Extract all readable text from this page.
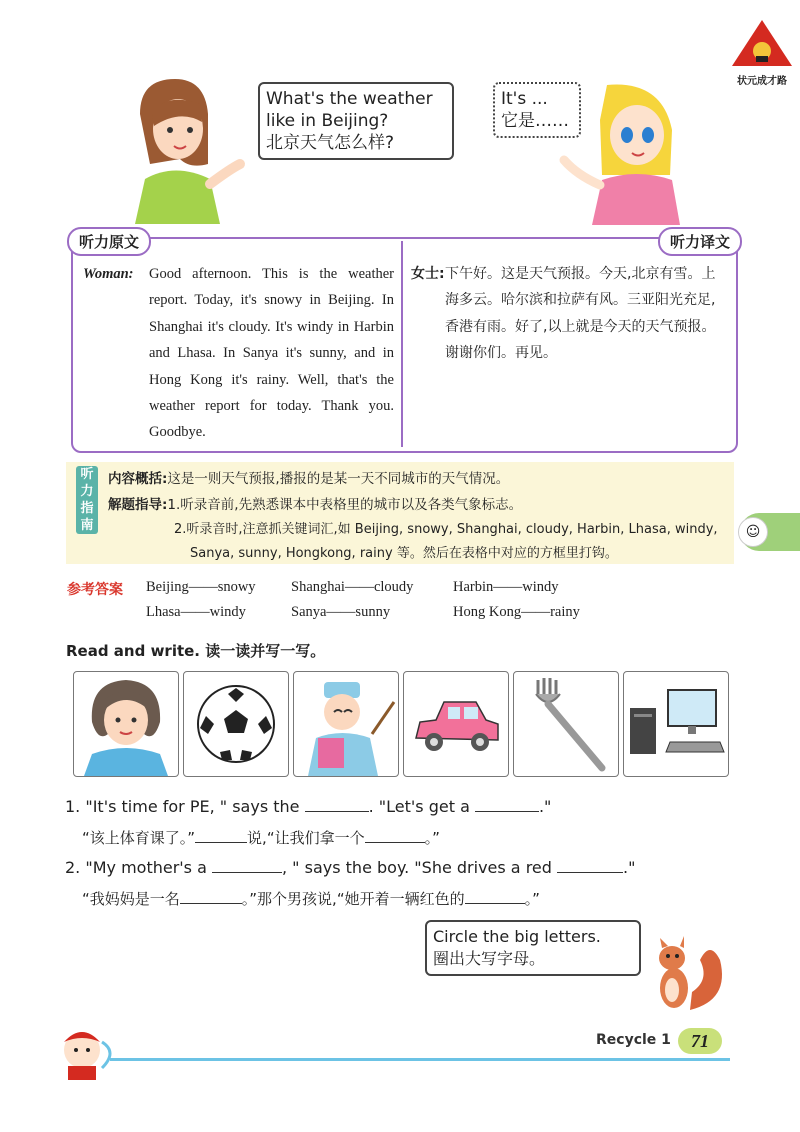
状元成才路
What's the weather like in Beijing?
北京天气怎么样?
It's ...
它是……
听力原文	听力译文
Woman: Good afternoon. This is the weather report. Today, it's snowy in Beijing. In Shanghai it's cloudy. It's windy in Harbin and Lhasa. In Sanya it's sunny, and in Hong Kong it's rainy. Well, that's the weather report for today. Thank you. Goodbye.
女士: 下午好。这是天气预报。今天,北京有雪。上海多云。哈尔滨和拉萨有风。三亚阳光充足,香港有雨。好了,以上就是今天的天气预报。谢谢你们。再见。
听力指南
内容概括:这是一则天气预报,播报的是某一天不同城市的天气情况。
解题指导:1.听录音前,先熟悉课本中表格里的城市以及各类气象标志。
2.听录音时,注意抓关键词汇,如 Beijing, snowy, Shanghai, cloudy, Harbin, Lhasa, windy,
Sanya, sunny, Hongkong, rainy 等。然后在表格中对应的方框里打钩。
☺
参考答案 Beijing——snowy Shanghai——cloudy	Harbin——windy
Lhasa——windy	Sanya——sunny	Hong Kong——rainy
Read and write. 读一读并写一写。
1. "It's time for PE, " says the	. "Let's get a	."
“该上体育课了。”	说,“让我们拿一个	。”
2. "My mother's a	, " says the boy. "She drives a red	."
“我妈妈是一名	。”那个男孩说,“她开着一辆红色的	。”
Circle the big letters.
圈出大写字母。
Recycle 1	71
